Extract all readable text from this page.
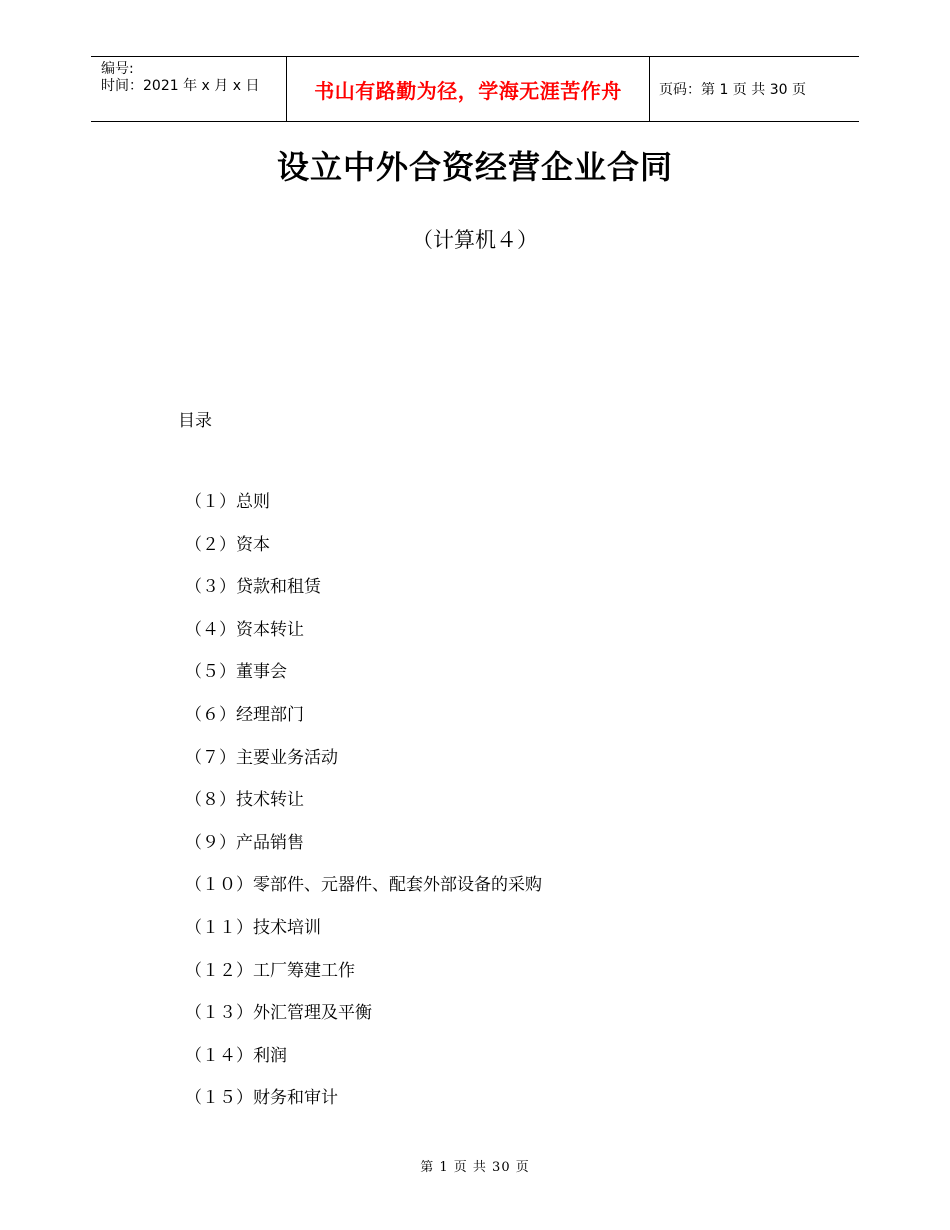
编号:
时间：2021 年 x 月 x 日	书山有路勤为径，学海无涯苦作舟	页码：第 1 页 共 30 页
设立中外合资经营企业合同
（计算机４）
目录
（１）总则
（２）资本
（３）贷款和租赁
（４）资本转让
（５）董事会
（６）经理部门
（７）主要业务活动
（８）技术转让
（９）产品销售
（１０）零部件、元器件、配套外部设备的采购
（１１）技术培训
（１２）工厂筹建工作
（１３）外汇管理及平衡
（１４）利润
（１５）财务和审计
第 1 页 共 30 页
